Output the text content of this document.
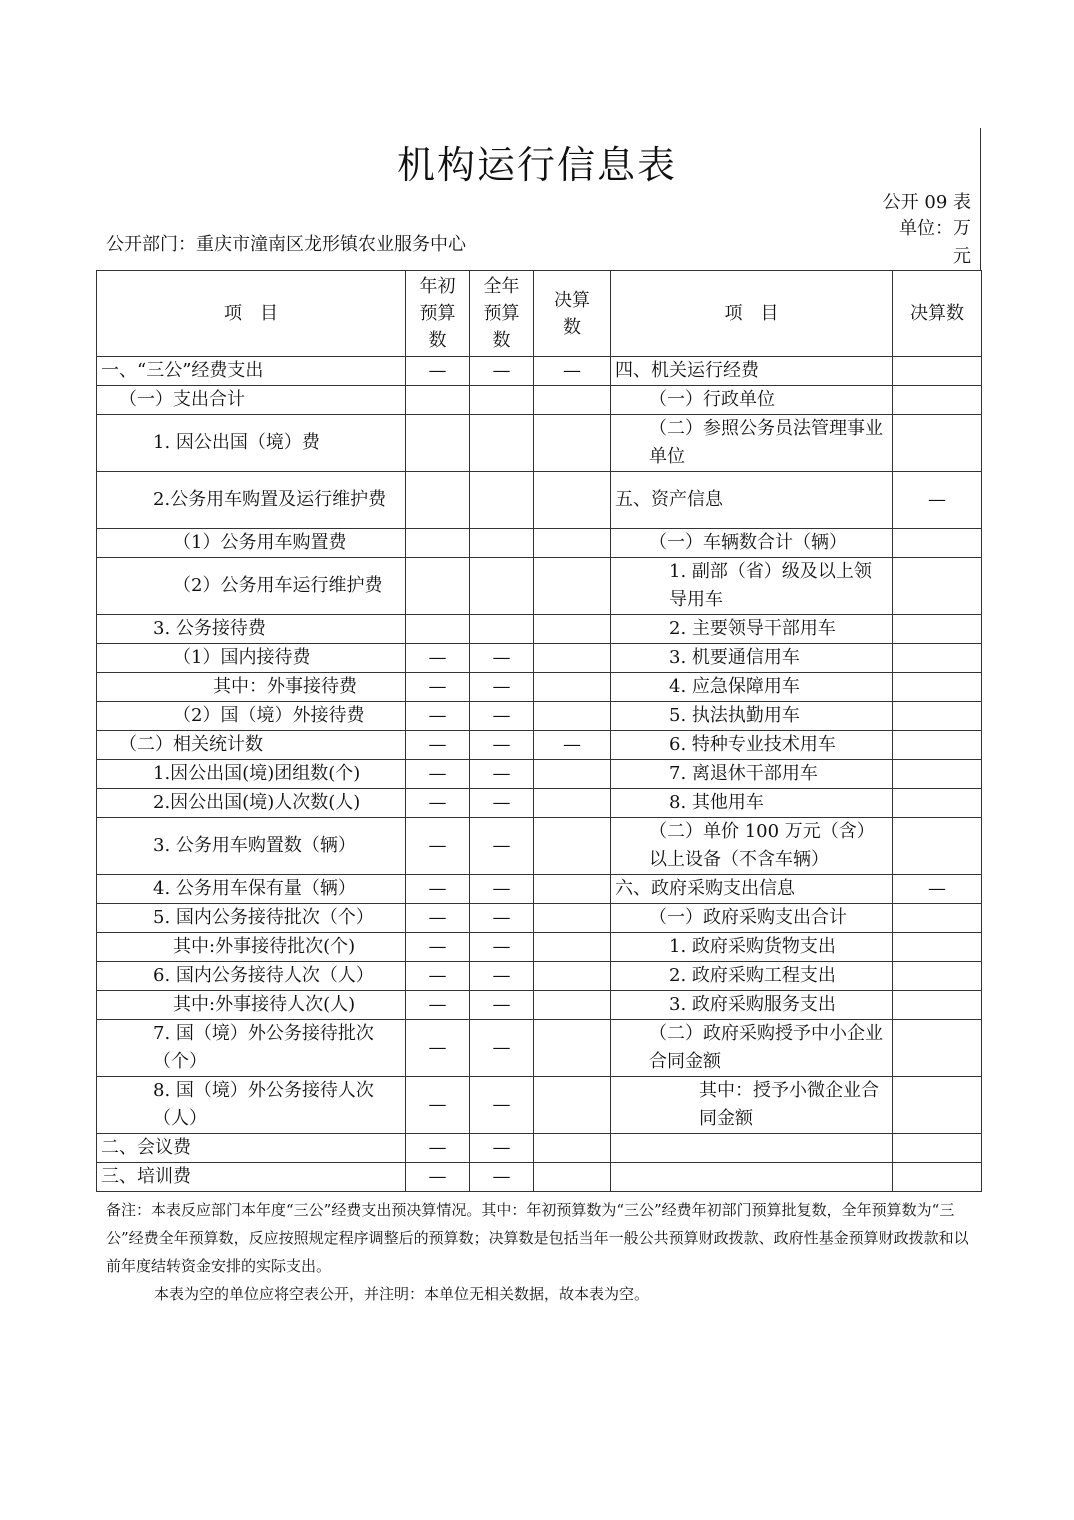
机构运行信息表
公开 09 表
单位：万
元
公开部门：重庆市潼南区龙形镇农业服务中心
项　目	年初预算数	全年预算数	决算数	项　目	决算数
一、“三公”经费支出	—	—	—	四、机关运行经费	
（一）支出合计				（一）行政单位	
1. 因公出国（境）费				（二）参照公务员法管理事业单位	
2.公务用车购置及运行维护费				五、资产信息	—
（1）公务用车购置费				（一）车辆数合计（辆）	
（2）公务用车运行维护费				1. 副部（省）级及以上领导用车	
3. 公务接待费				2. 主要领导干部用车	
（1）国内接待费	—	—		3. 机要通信用车	
其中：外事接待费	—	—		4. 应急保障用车	
（2）国（境）外接待费	—	—		5. 执法执勤用车	
（二）相关统计数	—	—	—	6. 特种专业技术用车	
1.因公出国(境)团组数(个)	—	—		7. 离退休干部用车	
2.因公出国(境)人次数(人)	—	—		8. 其他用车	
3. 公务用车购置数（辆）	—	—		（二）单价 100 万元（含）以上设备（不含车辆）	
4. 公务用车保有量（辆）	—	—		六、政府采购支出信息	—
5. 国内公务接待批次（个）	—	—		（一）政府采购支出合计	
其中:外事接待批次(个)	—	—		1. 政府采购货物支出	
6. 国内公务接待人次（人）	—	—		2. 政府采购工程支出	
其中:外事接待人次(人)	—	—		3. 政府采购服务支出	
7. 国（境）外公务接待批次（个）	—	—		（二）政府采购授予中小企业合同金额	
8. 国（境）外公务接待人次（人）	—	—		其中：授予小微企业合同金额	
二、会议费	—	—			
三、培训费	—	—			

备注：本表反应部门本年度“三公”经费支出预决算情况。其中：年初预算数为“三公”经费年初部门预算批复数，全年预算数为“三公”经费全年预算数，反应按照规定程序调整后的预算数；决算数是包括当年一般公共预算财政拨款、政府性基金预算财政拨款和以前年度结转资金安排的实际支出。

本表为空的单位应将空表公开，并注明：本单位无相关数据，故本表为空。
